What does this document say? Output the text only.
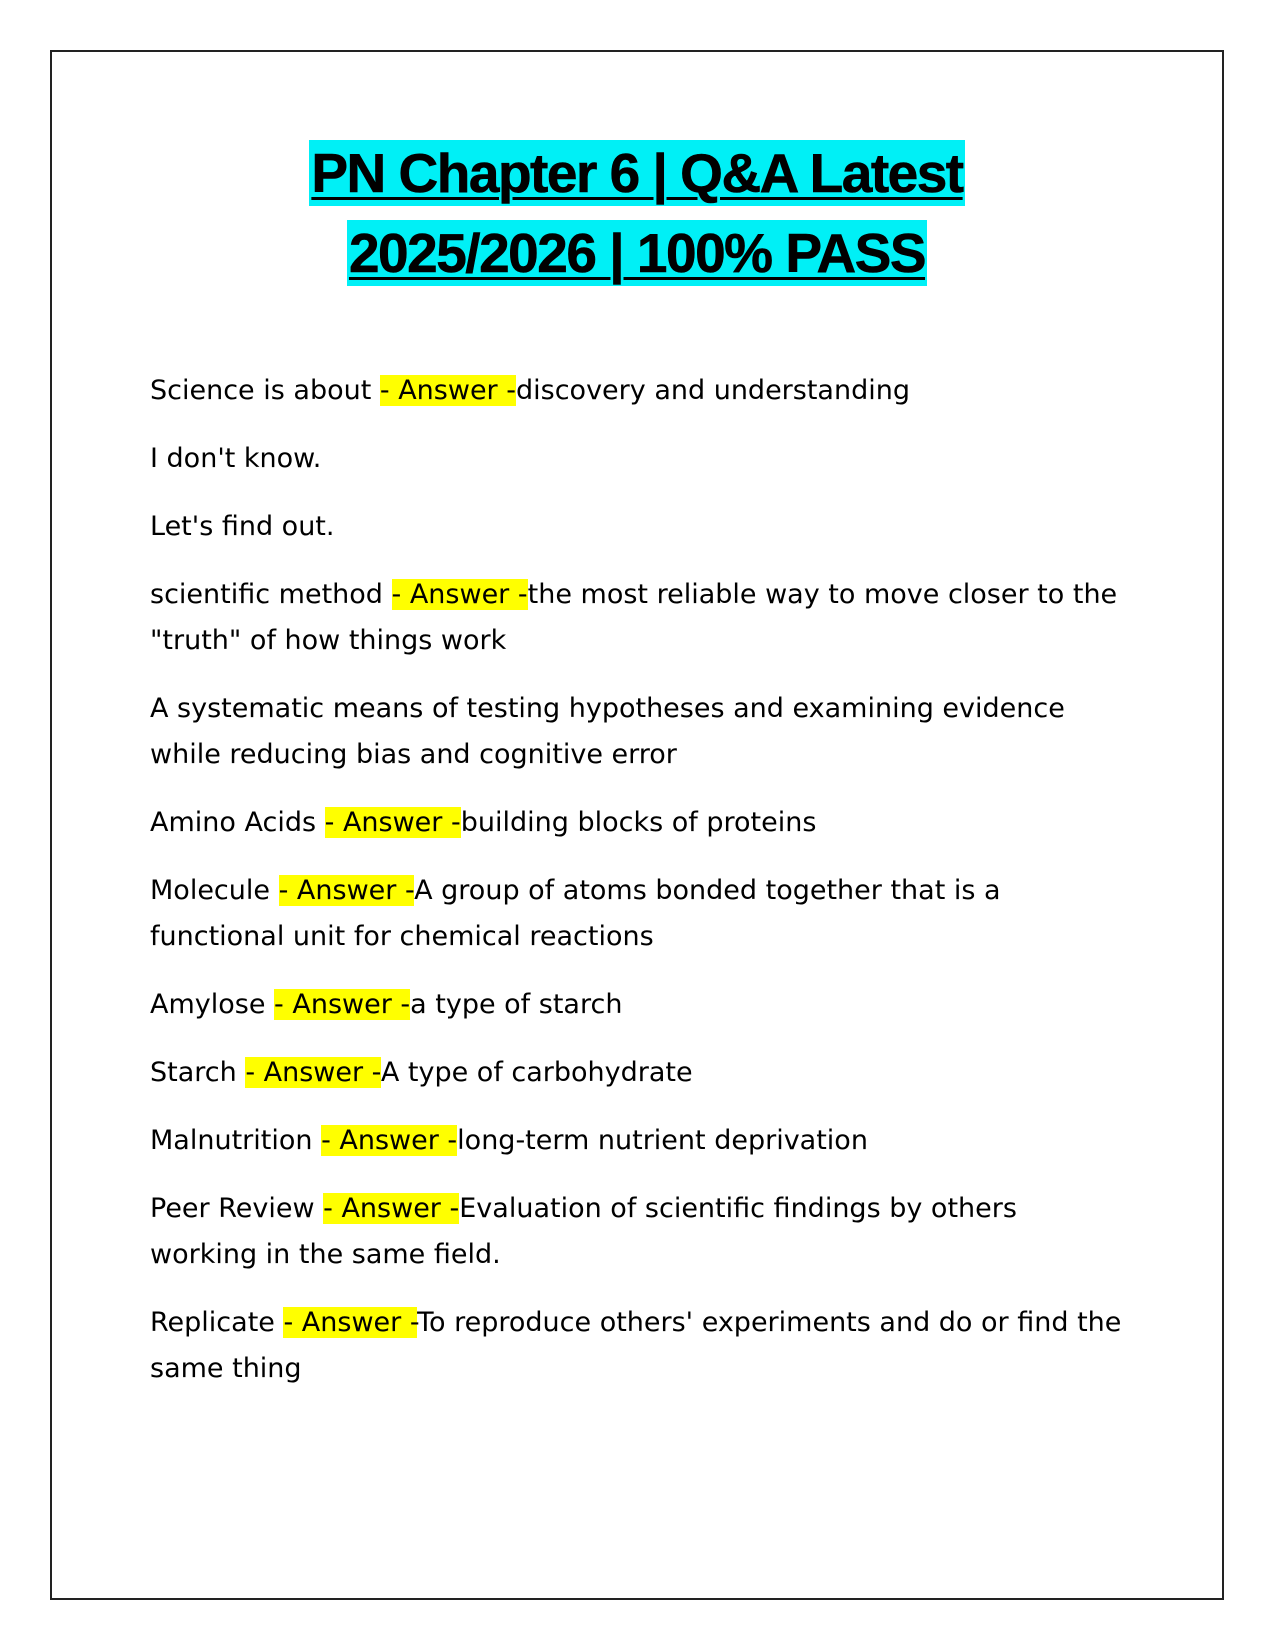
PN Chapter 6 | Q&A Latest
2025/2026 | 100% PASS

Science is about - Answer -discovery and understanding

I don't know.

Let's find out.

scientific method - Answer -the most reliable way to move closer to the "truth" of how things work

A systematic means of testing hypotheses and examining evidence while reducing bias and cognitive error

Amino Acids - Answer -building blocks of proteins

Molecule - Answer -A group of atoms bonded together that is a functional unit for chemical reactions

Amylose - Answer -a type of starch

Starch - Answer -A type of carbohydrate

Malnutrition - Answer -long-term nutrient deprivation

Peer Review - Answer -Evaluation of scientific findings by others working in the same field.

Replicate - Answer -To reproduce others' experiments and do or find the same thing
